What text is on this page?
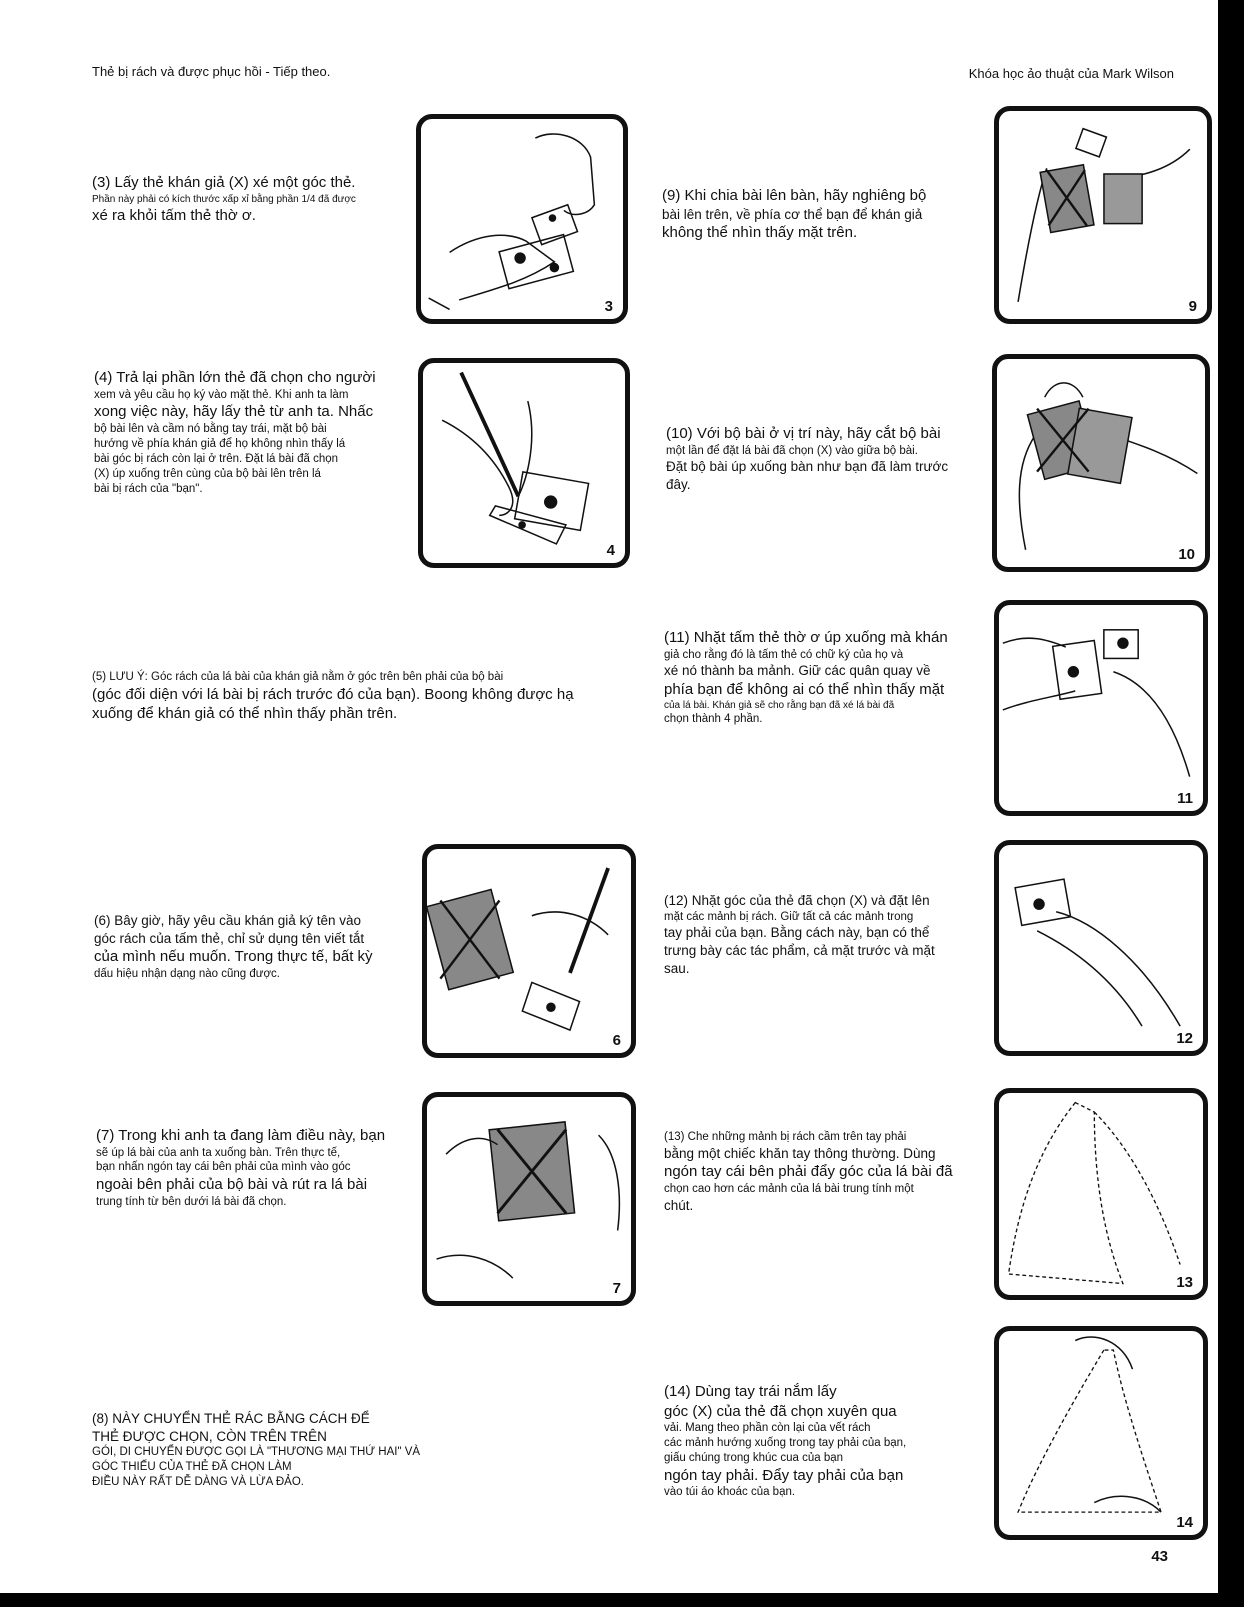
Thẻ bị rách và được phục hồi - Tiếp theo.	Khóa học ảo thuật của Mark Wilson
(3) Lấy thẻ khán giả (X) xé một góc thẻ.
Phần này phải có kích thước xấp xỉ bằng phần 1/4 đã được
xé ra khỏi tấm thẻ thờ ơ.
3
(9) Khi chia bài lên bàn, hãy nghiêng bộ
bài lên trên, về phía cơ thể bạn để khán giả
không thể nhìn thấy mặt trên.
9
(4) Trả lại phần lớn thẻ đã chọn cho người
xem và yêu cầu họ ký vào mặt thẻ. Khi anh ta làm
xong việc này, hãy lấy thẻ từ anh ta. Nhấc
bộ bài lên và cầm nó bằng tay trái, mặt bộ bài
hướng về phía khán giả để họ không nhìn thấy lá
bài góc bị rách còn lại ở trên. Đặt lá bài đã chọn
(X) úp xuống trên cùng của bộ bài lên trên lá
bài bị rách của "bạn".
4
(10) Với bộ bài ở vị trí này, hãy cắt bộ bài
một lần để đặt lá bài đã chọn (X) vào giữa bộ bài.
Đặt bộ bài úp xuống bàn như bạn đã làm trước
đây.
10
(11) Nhặt tấm thẻ thờ ơ úp xuống mà khán
giả cho rằng đó là tấm thẻ có chữ ký của họ và
xé nó thành ba mảnh. Giữ các quân quay về
phía bạn để không ai có thể nhìn thấy mặt
của lá bài. Khán giả sẽ cho rằng bạn đã xé lá bài đã
chọn thành 4 phần.
11
(5) LƯU Ý: Góc rách của lá bài của khán giả nằm ở góc trên bên phải của bộ bài
(góc đối diện với lá bài bị rách trước đó của bạn). Boong không được hạ
xuống để khán giả có thể nhìn thấy phần trên.
(6) Bây giờ, hãy yêu cầu khán giả ký tên vào
góc rách của tấm thẻ, chỉ sử dụng tên viết tắt
của mình nếu muốn. Trong thực tế, bất kỳ
dấu hiệu nhận dạng nào cũng được.
6
(12) Nhặt góc của thẻ đã chọn (X) và đặt lên
mặt các mảnh bị rách. Giữ tất cả các mảnh trong
tay phải của bạn. Bằng cách này, bạn có thể
trưng bày các tác phẩm, cả mặt trước và mặt
sau.
12
(7) Trong khi anh ta đang làm điều này, bạn
sẽ úp lá bài của anh ta xuống bàn. Trên thực tế,
bạn nhấn ngón tay cái bên phải của mình vào góc
ngoài bên phải của bộ bài và rút ra lá bài
trung tính từ bên dưới lá bài đã chọn.
7
(13) Che những mảnh bị rách cầm trên tay phải
bằng một chiếc khăn tay thông thường. Dùng
ngón tay cái bên phải đẩy góc của lá bài đã
chọn cao hơn các mảnh của lá bài trung tính một
chút.
13
(8) NÀY CHUYỂN THẺ RÁC BẰNG CÁCH ĐỂ
THẺ ĐƯỢC CHỌN, CÒN TRÊN TRÊN
GÓI, DI CHUYỂN ĐƯỢC GỌI LÀ "THƯƠNG MẠI THỨ HAI" VÀ
GÓC THIẾU CỦA THẺ ĐÃ CHỌN LÀM
ĐIỀU NÀY RẤT DỄ DÀNG VÀ LỪA ĐẢO.
(14) Dùng tay trái nắm lấy
góc (X) của thẻ đã chọn xuyên qua
vải. Mang theo phần còn lại của vết rách
các mảnh hướng xuống trong tay phải của bạn,
giấu chúng trong khúc cua của bạn
ngón tay phải. Đẩy tay phải của bạn
vào túi áo khoác của bạn.
14
43
